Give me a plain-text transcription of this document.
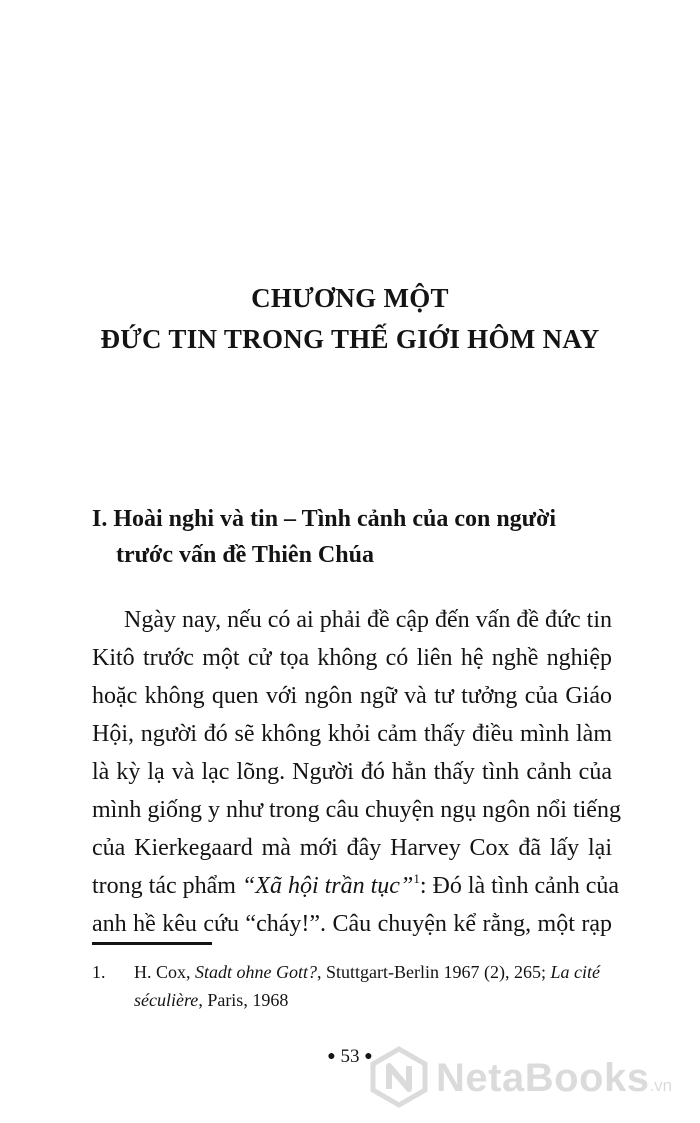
CHƯƠNG MỘT
ĐỨC TIN TRONG THẾ GIỚI HÔM NAY
I. Hoài nghi và tin – Tình cảnh của con người
trước vấn đề Thiên Chúa
Ngày nay, nếu có ai phải đề cập đến vấn đề đức tin
Kitô trước một cử tọa không có liên hệ nghề nghiệp
hoặc không quen với ngôn ngữ và tư tưởng của Giáo
Hội, người đó sẽ không khỏi cảm thấy điều mình làm
là kỳ lạ và lạc lõng. Người đó hẳn thấy tình cảnh của
mình giống y như trong câu chuyện ngụ ngôn nổi tiếng
của Kierkegaard mà mới đây Harvey Cox đã lấy lại
trong tác phẩm “Xã hội trần tục”$^1$: Đó là tình cảnh của
anh hề kêu cứu “cháy!”. Câu chuyện kể rằng, một rạp
1. H. Cox, Stadt ohne Gott?, Stuttgart-Berlin 1967 (2), 265; La cité
séculière, Paris, 1968
● 53 ●	NetaBooks.vn
